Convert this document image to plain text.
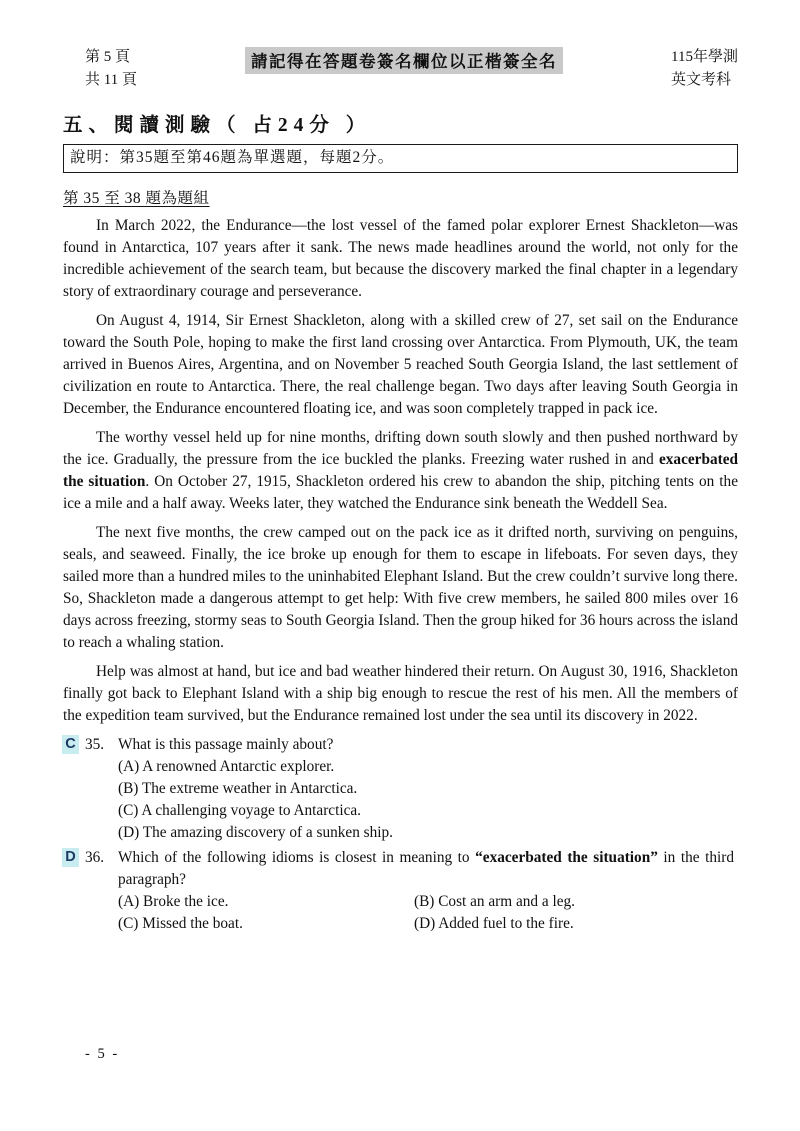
第 5 頁
共 11 頁
請記得在答題卷簽名欄位以正楷簽全名	115年學測
英文考科
五、閱讀測驗（ 占24分 ）
說明：第35題至第46題為單選題，每題2分。
第 35 至 38 題為題組

In March 2022, the Endurance—the lost vessel of the famed polar explorer Ernest Shackleton—was found in Antarctica, 107 years after it sank. The news made headlines around the world, not only for the incredible achievement of the search team, but because the discovery marked the final chapter in a legendary story of extraordinary courage and perseverance.

On August 4, 1914, Sir Ernest Shackleton, along with a skilled crew of 27, set sail on the Endurance toward the South Pole, hoping to make the first land crossing over Antarctica. From Plymouth, UK, the team arrived in Buenos Aires, Argentina, and on November 5 reached South Georgia Island, the last settlement of civilization en route to Antarctica. There, the real challenge began. Two days after leaving South Georgia in December, the Endurance encountered floating ice, and was soon completely trapped in pack ice.

The worthy vessel held up for nine months, drifting down south slowly and then pushed northward by the ice. Gradually, the pressure from the ice buckled the planks. Freezing water rushed in and exacerbated the situation. On October 27, 1915, Shackleton ordered his crew to abandon the ship, pitching tents on the ice a mile and a half away. Weeks later, they watched the Endurance sink beneath the Weddell Sea.

The next five months, the crew camped out on the pack ice as it drifted north, surviving on penguins, seals, and seaweed. Finally, the ice broke up enough for them to escape in lifeboats. For seven days, they sailed more than a hundred miles to the uninhabited Elephant Island. But the crew couldn’t survive long there. So, Shackleton made a dangerous attempt to get help: With five crew members, he sailed 800 miles over 16 days across freezing, stormy seas to South Georgia Island. Then the group hiked for 36 hours across the island to reach a whaling station.

Help was almost at hand, but ice and bad weather hindered their return. On August 30, 1916, Shackleton finally got back to Elephant Island with a ship big enough to rescue the rest of his men. All the members of the expedition team survived, but the Endurance remained lost under the sea until its discovery in 2022.

C 35. What is this passage mainly about?
(A) A renowned Antarctic explorer.
(B) The extreme weather in Antarctica.
(C) A challenging voyage to Antarctica.
(D) The amazing discovery of a sunken ship.
D 36. Which of the following idioms is closest in meaning to “exacerbated the situation” in the third paragraph?
(A) Broke the ice.	(B) Cost an arm and a leg.
(C) Missed the boat.	(D) Added fuel to the fire.
- 5 -
